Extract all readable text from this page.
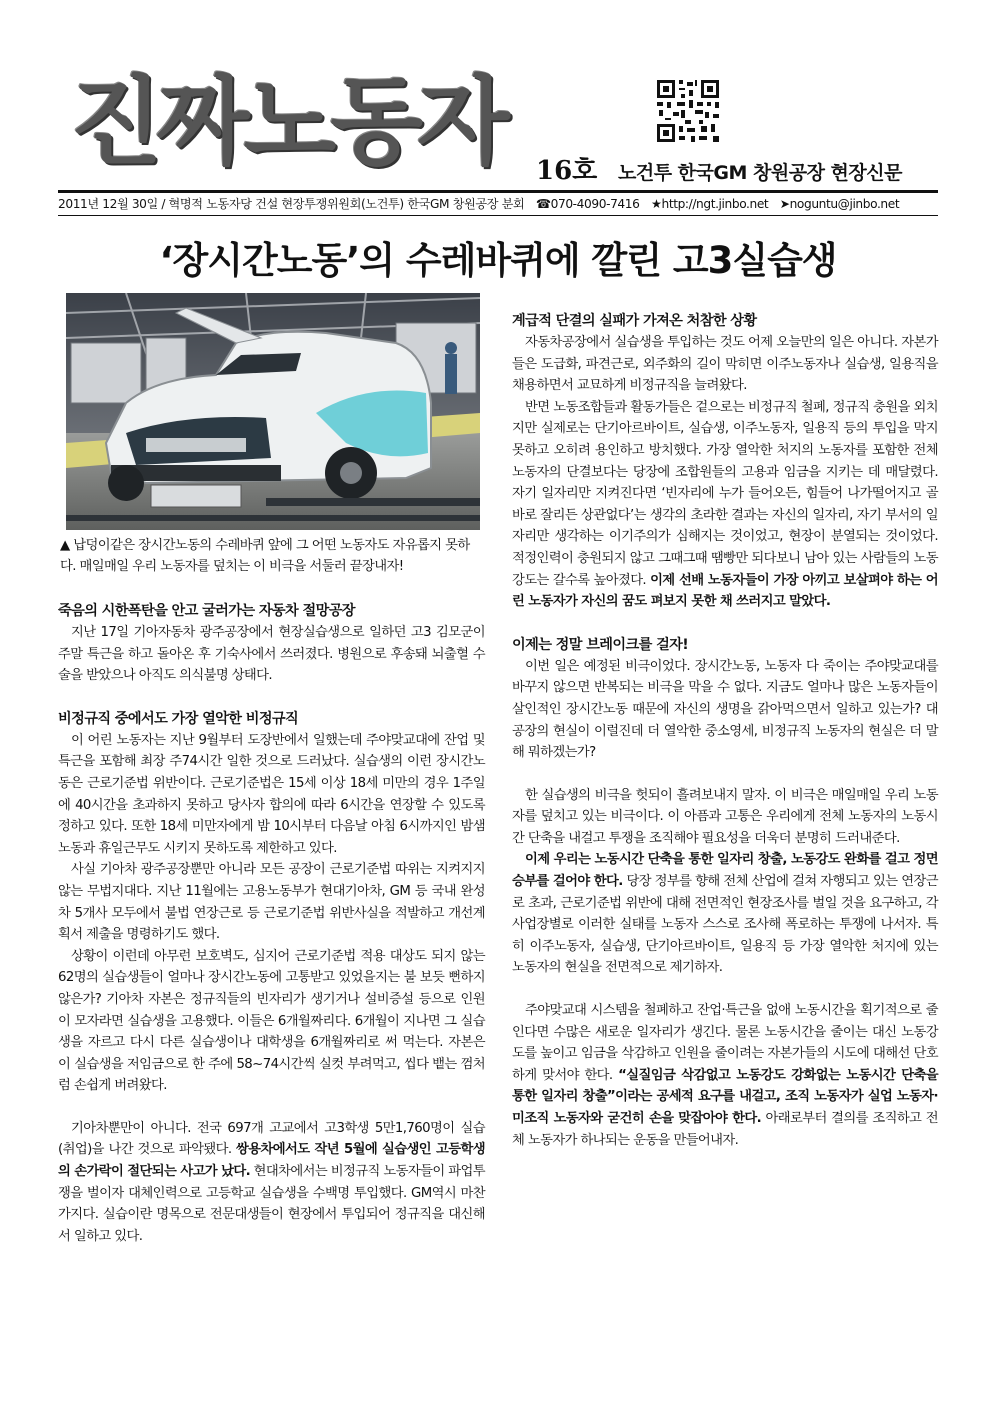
진짜노동자 16호 노건투 한국GM 창원공장 현장신문
2011년 12월 30일 / 혁명적 노동자당 건설 현장투쟁위원회(노건투) 한국GM 창원공장 분회 ☎070-4090-7416 ★http://ngt.jinbo.net ➤noguntu@jinbo.net
‘장시간노동’의 수레바퀴에 깔린 고3실습생
▲ 납덩이같은 장시간노동의 수레바퀴 앞에 그 어떤 노동자도 자유롭지 못하다. 매일매일 우리 노동자를 덮치는 이 비극을 서둘러 끝장내자!
죽음의 시한폭탄을 안고 굴러가는 자동차 절망공장

지난 17일 기아자동차 광주공장에서 현장실습생으로 일하던 고3 김모군이 주말 특근을 하고 돌아온 후 기숙사에서 쓰러졌다. 병원으로 후송돼 뇌출혈 수술을 받았으나 아직도 의식불명 상태다.

비정규직 중에서도 가장 열악한 비정규직

이 어린 노동자는 지난 9월부터 도장반에서 일했는데 주야맞교대에 잔업 및 특근을 포함해 최장 주74시간 일한 것으로 드러났다. 실습생의 이런 장시간노동은 근로기준법 위반이다. 근로기준법은 15세 이상 18세 미만의 경우 1주일에 40시간을 초과하지 못하고 당사자 합의에 따라 6시간을 연장할 수 있도록 정하고 있다. 또한 18세 미만자에게 밤 10시부터 다음날 아침 6시까지인 밤샘노동과 휴일근무도 시키지 못하도록 제한하고 있다.

사실 기아차 광주공장뿐만 아니라 모든 공장이 근로기준법 따위는 지켜지지 않는 무법지대다. 지난 11월에는 고용노동부가 현대기아차, GM 등 국내 완성차 5개사 모두에서 불법 연장근로 등 근로기준법 위반사실을 적발하고 개선계획서 제출을 명령하기도 했다.

상황이 이런데 아무런 보호벽도, 심지어 근로기준법 적용 대상도 되지 않는 62명의 실습생들이 얼마나 장시간노동에 고통받고 있었을지는 불 보듯 뻔하지 않은가? 기아차 자본은 정규직들의 빈자리가 생기거나 설비증설 등으로 인원이 모자라면 실습생을 고용했다. 이들은 6개월짜리다. 6개월이 지나면 그 실습생을 자르고 다시 다른 실습생이나 대학생을 6개월짜리로 써 먹는다. 자본은 이 실습생을 저임금으로 한 주에 58~74시간씩 실컷 부려먹고, 씹다 뱉는 껌처럼 손쉽게 버려왔다.

기아차뿐만이 아니다. 전국 697개 고교에서 고3학생 5만1,760명이 실습(취업)을 나간 것으로 파악됐다. 쌍용차에서도 작년 5월에 실습생인 고등학생의 손가락이 절단되는 사고가 났다. 현대차에서는 비정규직 노동자들이 파업투쟁을 벌이자 대체인력으로 고등학교 실습생을 수백명 투입했다. GM역시 마찬가지다. 실습이란 명목으로 전문대생들이 현장에서 투입되어 정규직을 대신해서 일하고 있다.

계급적 단결의 실패가 가져온 처참한 상황

자동차공장에서 실습생을 투입하는 것도 어제 오늘만의 일은 아니다. 자본가들은 도급화, 파견근로, 외주화의 길이 막히면 이주노동자나 실습생, 일용직을 채용하면서 교묘하게 비정규직을 늘려왔다.

반면 노동조합들과 활동가들은 겉으로는 비정규직 철폐, 정규직 충원을 외치지만 실제로는 단기아르바이트, 실습생, 이주노동자, 일용직 등의 투입을 막지 못하고 오히려 용인하고 방치했다. 가장 열악한 처지의 노동자를 포함한 전체 노동자의 단결보다는 당장에 조합원들의 고용과 임금을 지키는 데 매달렸다. 자기 일자리만 지켜진다면 ‘빈자리에 누가 들어오든, 힘들어 나가떨어지고 골바로 잘리든 상관없다’는 생각의 초라한 결과는 자신의 일자리, 자기 부서의 일자리만 생각하는 이기주의가 심해지는 것이었고, 현장이 분열되는 것이었다. 적정인력이 충원되지 않고 그때그때 땜빵만 되다보니 남아 있는 사람들의 노동강도는 갈수록 높아졌다. 이제 선배 노동자들이 가장 아끼고 보살펴야 하는 어린 노동자가 자신의 꿈도 펴보지 못한 채 쓰러지고 말았다.

이제는 정말 브레이크를 걸자!

이번 일은 예정된 비극이었다. 장시간노동, 노동자 다 죽이는 주야맞교대를 바꾸지 않으면 반복되는 비극을 막을 수 없다. 지금도 얼마나 많은 노동자들이 살인적인 장시간노동 때문에 자신의 생명을 갉아먹으면서 일하고 있는가? 대공장의 현실이 이럴진데 더 열악한 중소영세, 비정규직 노동자의 현실은 더 말해 뭐하겠는가?

한 실습생의 비극을 헛되이 흘려보내지 말자. 이 비극은 매일매일 우리 노동자를 덮치고 있는 비극이다. 이 아픔과 고통은 우리에게 전체 노동자의 노동시간 단축을 내걸고 투쟁을 조직해야 필요성을 더욱더 분명히 드러내준다.

이제 우리는 노동시간 단축을 통한 일자리 창출, 노동강도 완화를 걸고 정면승부를 걸어야 한다. 당장 정부를 향해 전체 산업에 걸쳐 자행되고 있는 연장근로 초과, 근로기준법 위반에 대해 전면적인 현장조사를 벌일 것을 요구하고, 각 사업장별로 이러한 실태를 노동자 스스로 조사해 폭로하는 투쟁에 나서자. 특히 이주노동자, 실습생, 단기아르바이트, 일용직 등 가장 열악한 처지에 있는 노동자의 현실을 전면적으로 제기하자.

주야맞교대 시스템을 철폐하고 잔업·특근을 없애 노동시간을 획기적으로 줄인다면 수많은 새로운 일자리가 생긴다. 물론 노동시간을 줄이는 대신 노동강도를 높이고 임금을 삭감하고 인원을 줄이려는 자본가들의 시도에 대해선 단호하게 맞서야 한다. “실질임금 삭감없고 노동강도 강화없는 노동시간 단축을 통한 일자리 창출”이라는 공세적 요구를 내걸고, 조직 노동자가 실업 노동자·미조직 노동자와 굳건히 손을 맞잡아야 한다. 아래로부터 결의를 조직하고 전체 노동자가 하나되는 운동을 만들어내자.
